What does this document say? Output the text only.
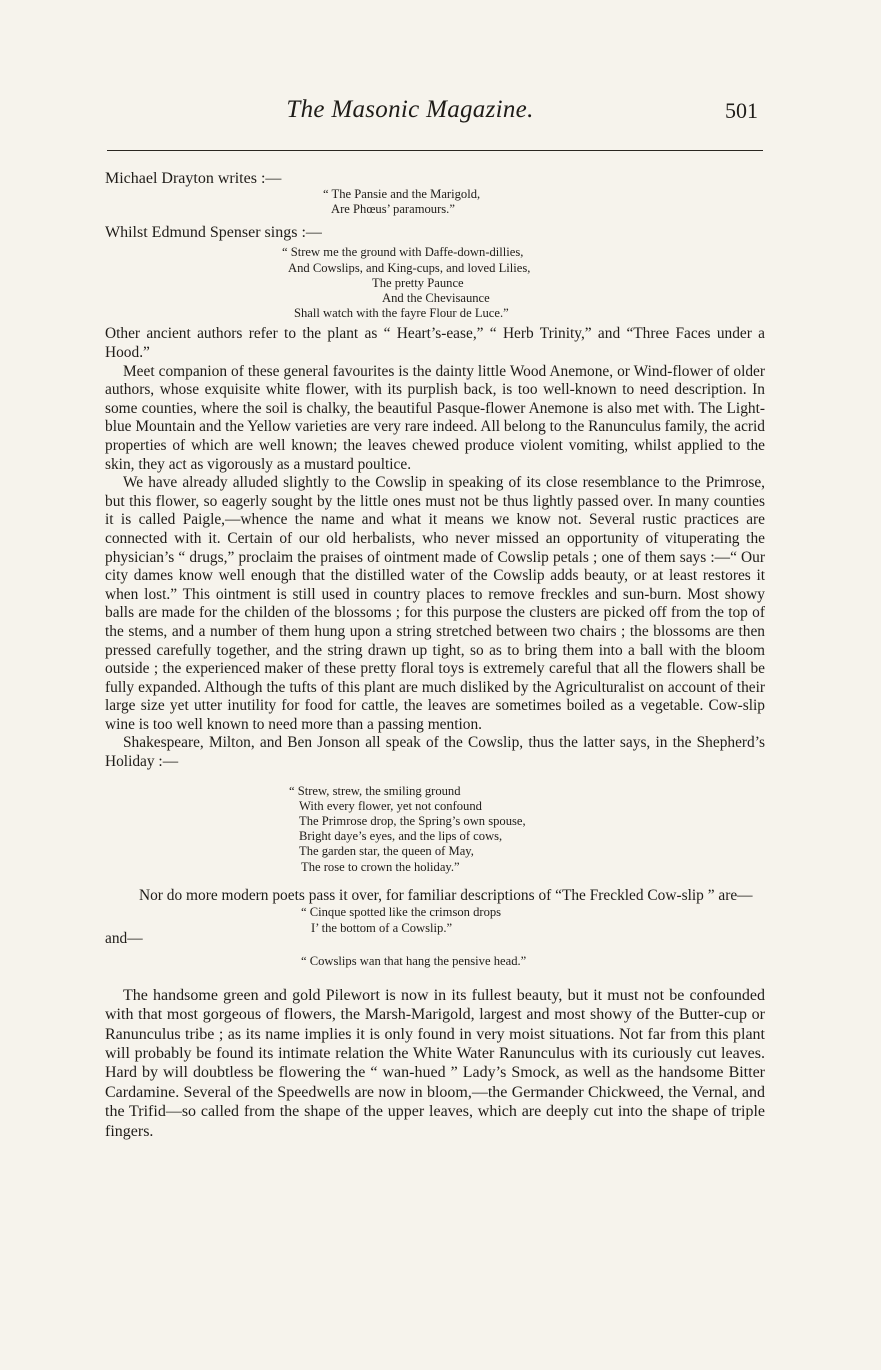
The Masonic Magazine.	501

Michael Drayton writes :—

“ The Pansie and the Marigold,
Are Phœus’ paramours.”

Whilst Edmund Spenser sings :—

“ Strew me the ground with Daffe-down-dillies,
And Cowslips, and King-cups, and loved Lilies,
The pretty Paunce
And the Chevisaunce
Shall watch with the fayre Flour de Luce.”

Other ancient authors refer to the plant as “ Heart’s-ease,” “ Herb Trinity,” and “Three Faces under a Hood.”

Meet companion of these general favourites is the dainty little Wood Anemone, or Wind-flower of older authors, whose exquisite white flower, with its purplish back, is too well-known to need description. In some counties, where the soil is chalky, the beautiful Pasque-flower Anemone is also met with. The Light-blue Mountain and the Yellow varieties are very rare indeed. All belong to the Ranunculus family, the acrid properties of which are well known; the leaves chewed produce violent vomiting, whilst applied to the skin, they act as vigorously as a mustard poultice.

We have already alluded slightly to the Cowslip in speaking of its close resemblance to the Primrose, but this flower, so eagerly sought by the little ones must not be thus lightly passed over. In many counties it is called Paigle,—whence the name and what it means we know not. Several rustic practices are connected with it. Certain of our old herbalists, who never missed an opportunity of vituperating the physician’s “ drugs,” proclaim the praises of ointment made of Cowslip petals ; one of them says :—“ Our city dames know well enough that the distilled water of the Cowslip adds beauty, or at least restores it when lost.” This ointment is still used in country places to remove freckles and sun-burn. Most showy balls are made for the childen of the blossoms ; for this purpose the clusters are picked off from the top of the stems, and a number of them hung upon a string stretched between two chairs ; the blossoms are then pressed carefully together, and the string drawn up tight, so as to bring them into a ball with the bloom outside ; the experienced maker of these pretty floral toys is extremely careful that all the flowers shall be fully expanded. Although the tufts of this plant are much disliked by the Agriculturalist on account of their large size yet utter inutility for food for cattle, the leaves are sometimes boiled as a vegetable. Cow-slip wine is too well known to need more than a passing mention.

Shakespeare, Milton, and Ben Jonson all speak of the Cowslip, thus the latter says, in the Shepherd’s Holiday :—

“ Strew, strew, the smiling ground
With every flower, yet not confound
The Primrose drop, the Spring’s own spouse,
Bright daye’s eyes, and the lips of cows,
The garden star, the queen of May,
The rose to crown the holiday.”

Nor do more modern poets pass it over, for familiar descriptions of “The Freckled Cow-slip ” are—

“ Cinque spotted like the crimson drops
I’ the bottom of a Cowslip.”

and—

“ Cowslips wan that hang the pensive head.”

The handsome green and gold Pilewort is now in its fullest beauty, but it must not be confounded with that most gorgeous of flowers, the Marsh-Marigold, largest and most showy of the Butter-cup or Ranunculus tribe ; as its name implies it is only found in very moist situations. Not far from this plant will probably be found its intimate relation the White Water Ranunculus with its curiously cut leaves. Hard by will doubtless be flowering the “ wan-hued ” Lady’s Smock, as well as the handsome Bitter Cardamine. Several of the Speedwells are now in bloom,—the Germander Chickweed, the Vernal, and the Trifid—so called from the shape of the upper leaves, which are deeply cut into the shape of triple fingers.
